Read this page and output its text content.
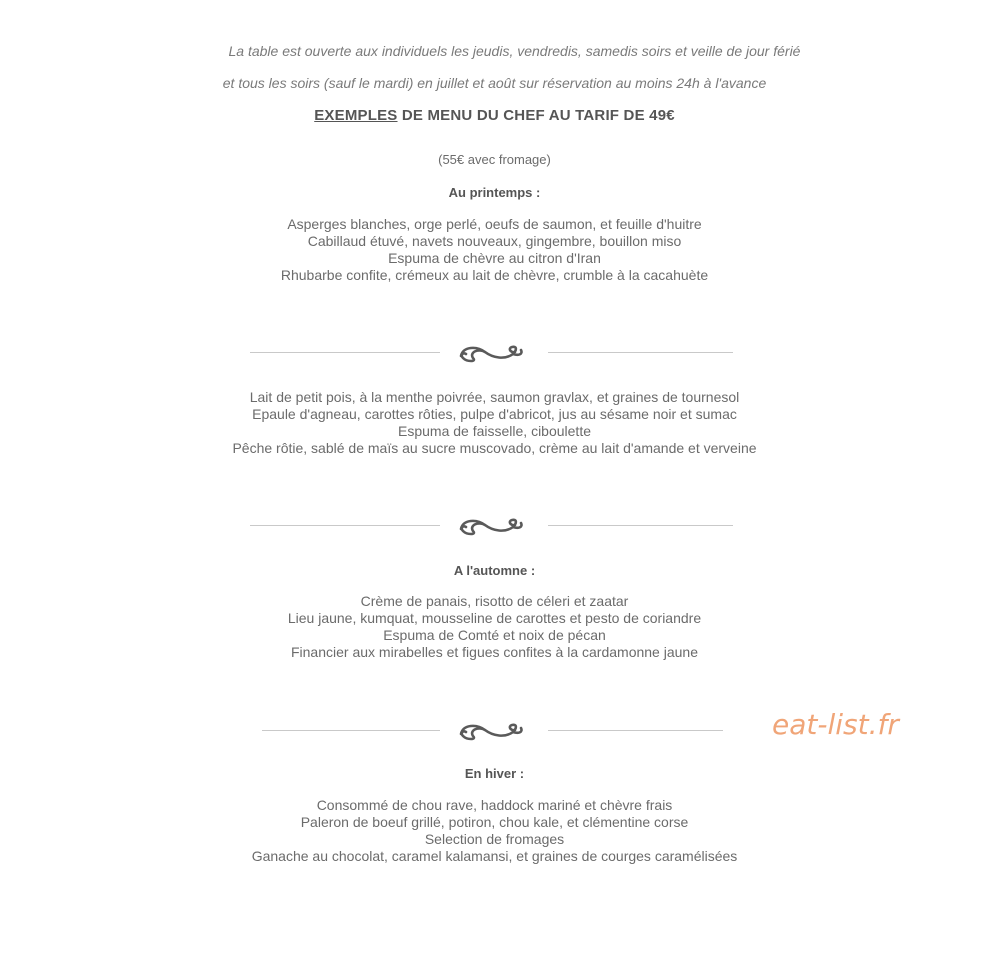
La table est ouverte aux individuels les jeudis, vendredis, samedis soirs et veille de jour férié
et tous les soirs (sauf le mardi) en juillet et août sur réservation au moins 24h à l'avance
EXEMPLES DE MENU DU CHEF AU TARIF DE 49€
(55€ avec fromage)
Au printemps :
Asperges blanches, orge perlé, oeufs de saumon, et feuille d'huitre
Cabillaud étuvé, navets nouveaux, gingembre, bouillon miso
Espuma de chèvre au citron d'Iran
Rhubarbe confite, crémeux au lait de chèvre, crumble à la cacahuète
Lait de petit pois, à la menthe poivrée, saumon gravlax, et graines de tournesol
Epaule d'agneau, carottes rôties, pulpe d'abricot, jus au sésame noir et sumac
Espuma de faisselle, ciboulette
Pêche rôtie, sablé de maïs au sucre muscovado, crème au lait d'amande et verveine
A l'automne :
Crème de panais, risotto de céleri et zaatar
Lieu jaune, kumquat, mousseline de carottes et pesto de coriandre
Espuma de Comté et noix de pécan
Financier aux mirabelles et figues confites à la cardamonne jaune
eat-list.fr
En hiver :
Consommé de chou rave, haddock mariné et chèvre frais
Paleron de boeuf grillé, potiron, chou kale, et clémentine corse
Selection de fromages
Ganache au chocolat, caramel kalamansi, et graines de courges caramélisées
